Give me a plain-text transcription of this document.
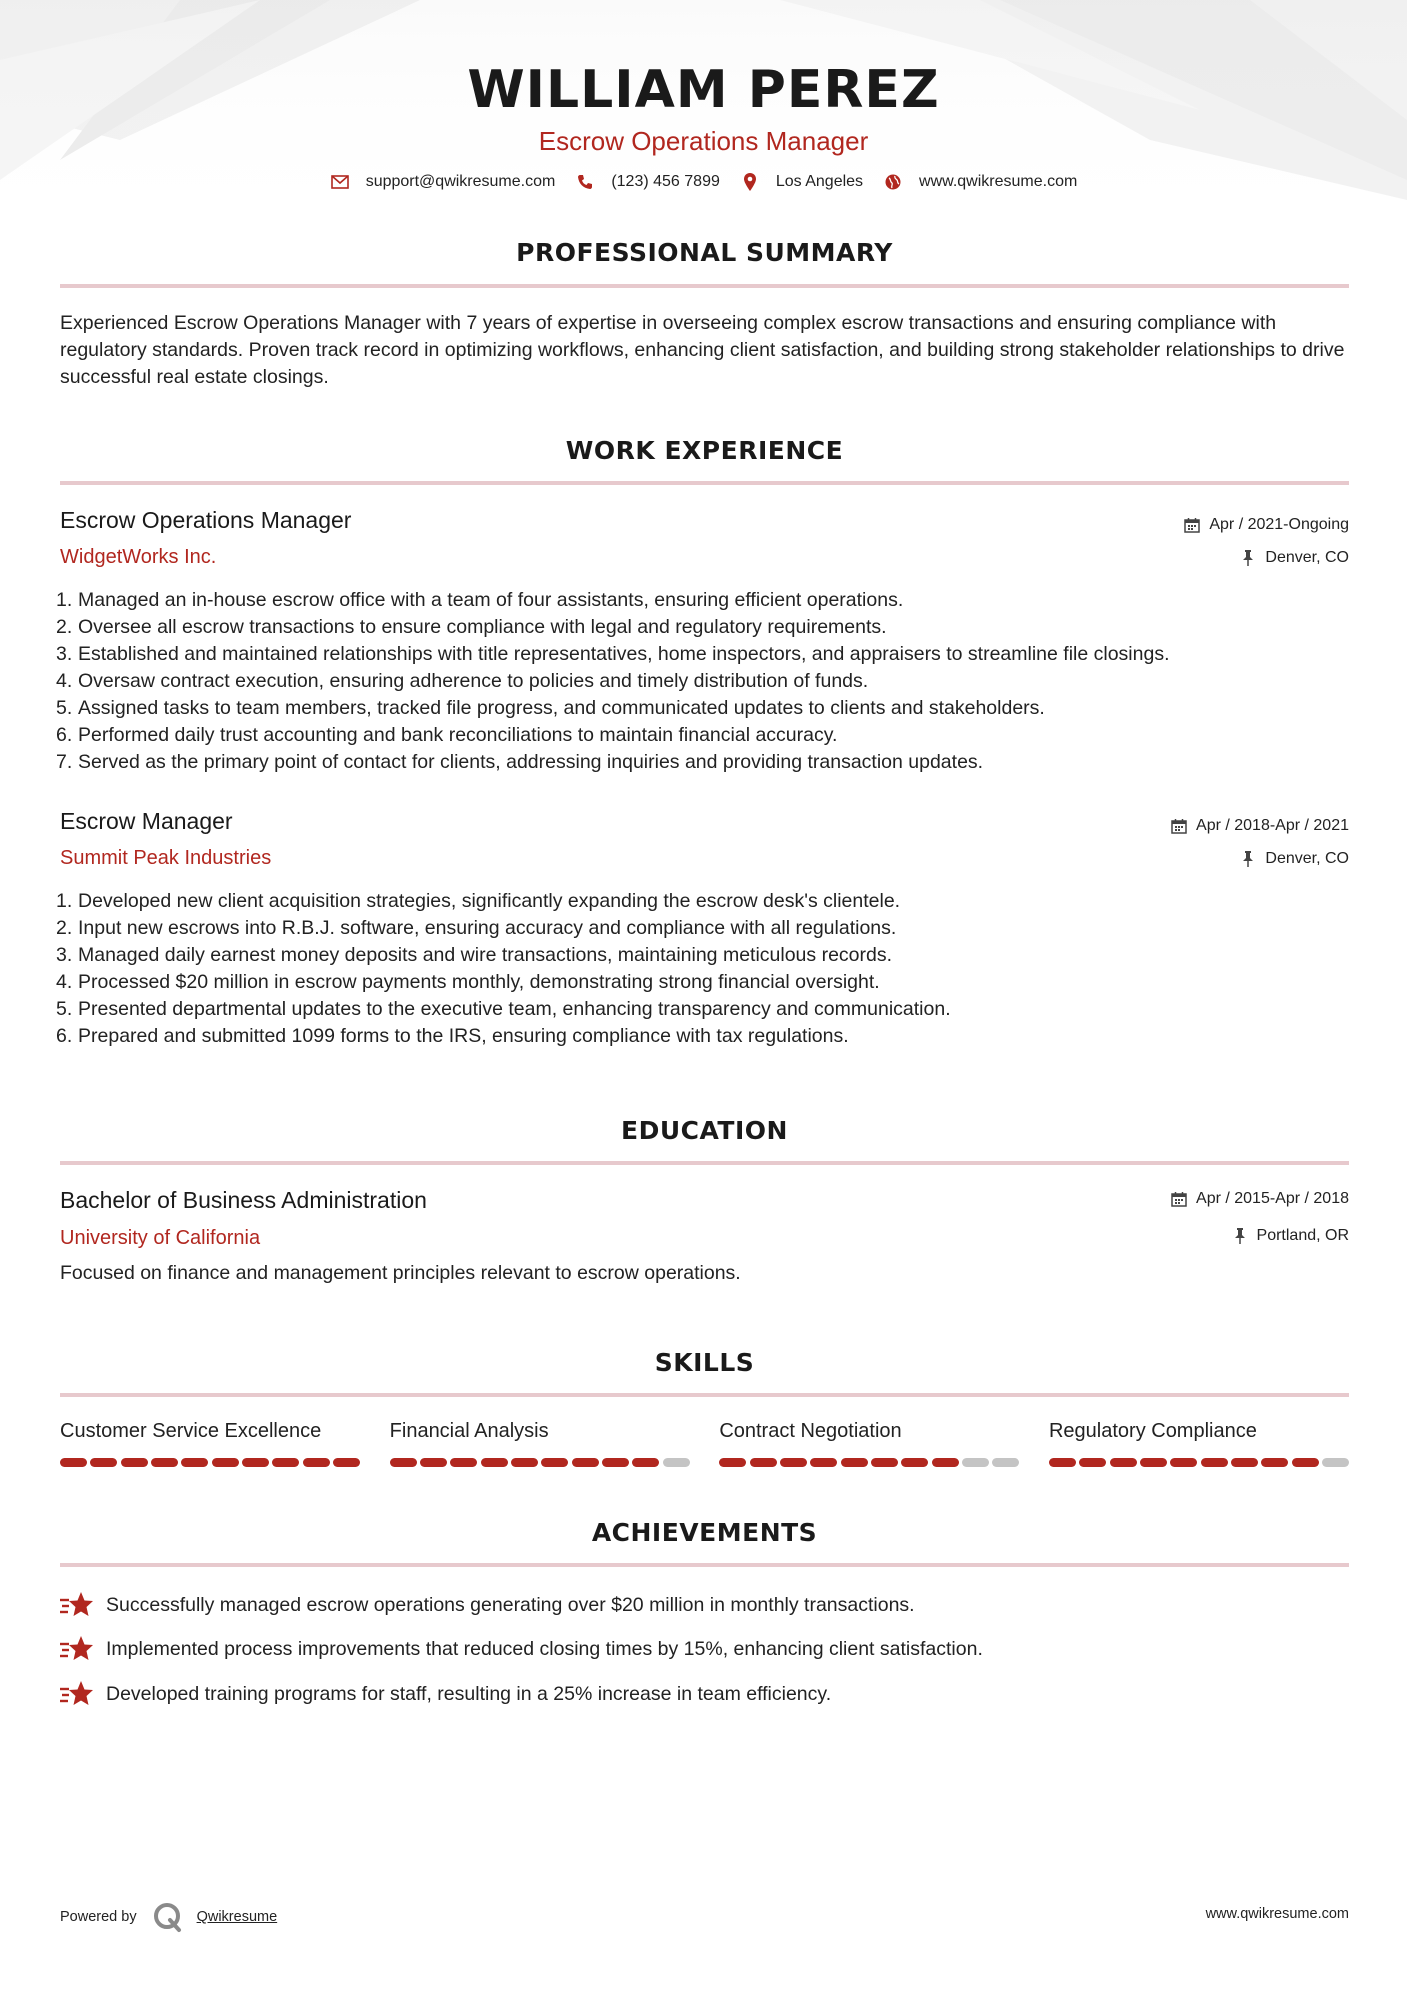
WILLIAM PEREZ
Escrow Operations Manager
support@qwikresume.com	(123) 456 7899	Los Angeles	www.qwikresume.com
PROFESSIONAL SUMMARY
Experienced Escrow Operations Manager with 7 years of expertise in overseeing complex escrow transactions and ensuring compliance with regulatory standards. Proven track record in optimizing workflows, enhancing client satisfaction, and building strong stakeholder relationships to drive successful real estate closings.
WORK EXPERIENCE
Escrow Operations Manager	Apr / 2021-Ongoing
WidgetWorks Inc.	Denver, CO
1. Managed an in-house escrow office with a team of four assistants, ensuring efficient operations.
2. Oversee all escrow transactions to ensure compliance with legal and regulatory requirements.
3. Established and maintained relationships with title representatives, home inspectors, and appraisers to streamline file closings.
4. Oversaw contract execution, ensuring adherence to policies and timely distribution of funds.
5. Assigned tasks to team members, tracked file progress, and communicated updates to clients and stakeholders.
6. Performed daily trust accounting and bank reconciliations to maintain financial accuracy.
7. Served as the primary point of contact for clients, addressing inquiries and providing transaction updates.
Escrow Manager	Apr / 2018-Apr / 2021
Summit Peak Industries	Denver, CO
1. Developed new client acquisition strategies, significantly expanding the escrow desk's clientele.
2. Input new escrows into R.B.J. software, ensuring accuracy and compliance with all regulations.
3. Managed daily earnest money deposits and wire transactions, maintaining meticulous records.
4. Processed $20 million in escrow payments monthly, demonstrating strong financial oversight.
5. Presented departmental updates to the executive team, enhancing transparency and communication.
6. Prepared and submitted 1099 forms to the IRS, ensuring compliance with tax regulations.
EDUCATION
Bachelor of Business Administration	Apr / 2015-Apr / 2018
University of California	Portland, OR
Focused on finance and management principles relevant to escrow operations.
SKILLS
Customer Service Excellence	Financial Analysis	Contract Negotiation	Regulatory Compliance
ACHIEVEMENTS
Successfully managed escrow operations generating over $20 million in monthly transactions.
Implemented process improvements that reduced closing times by 15%, enhancing client satisfaction.
Developed training programs for staff, resulting in a 25% increase in team efficiency.
Powered by	Qwikresume	www.qwikresume.com
